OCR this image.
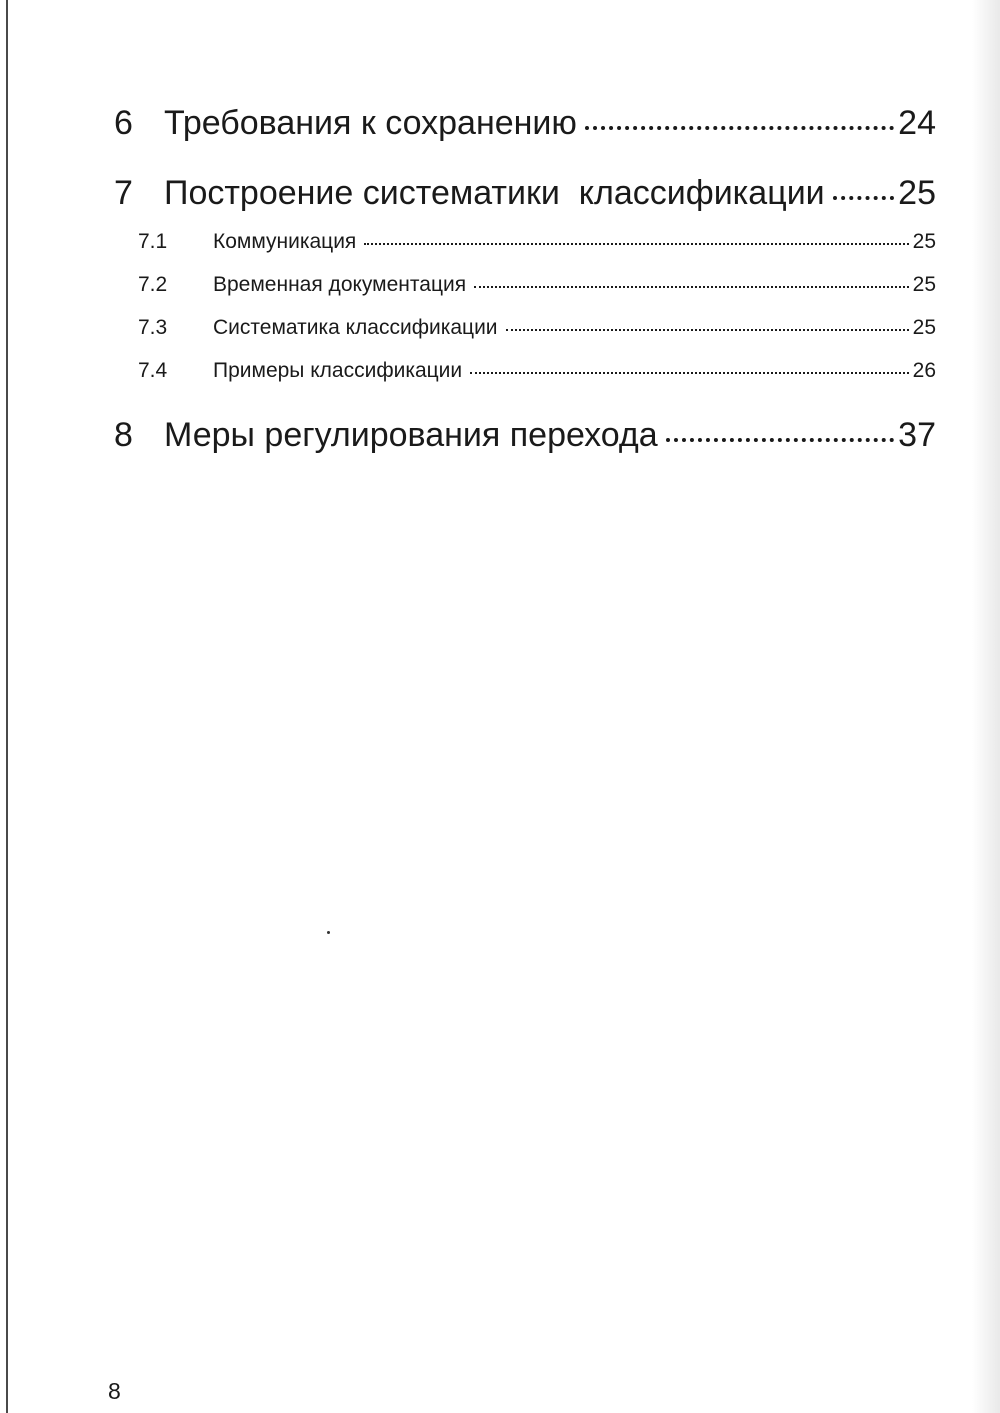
6 Требования к сохранению	24
7 Построение систематики  классификации 25
7.1	Коммуникация	25
7.2	Временная документация	25
7.3	Систематика классификации	25
7.4	Примеры классификации	26
8 Меры регулирования перехода	37
8
